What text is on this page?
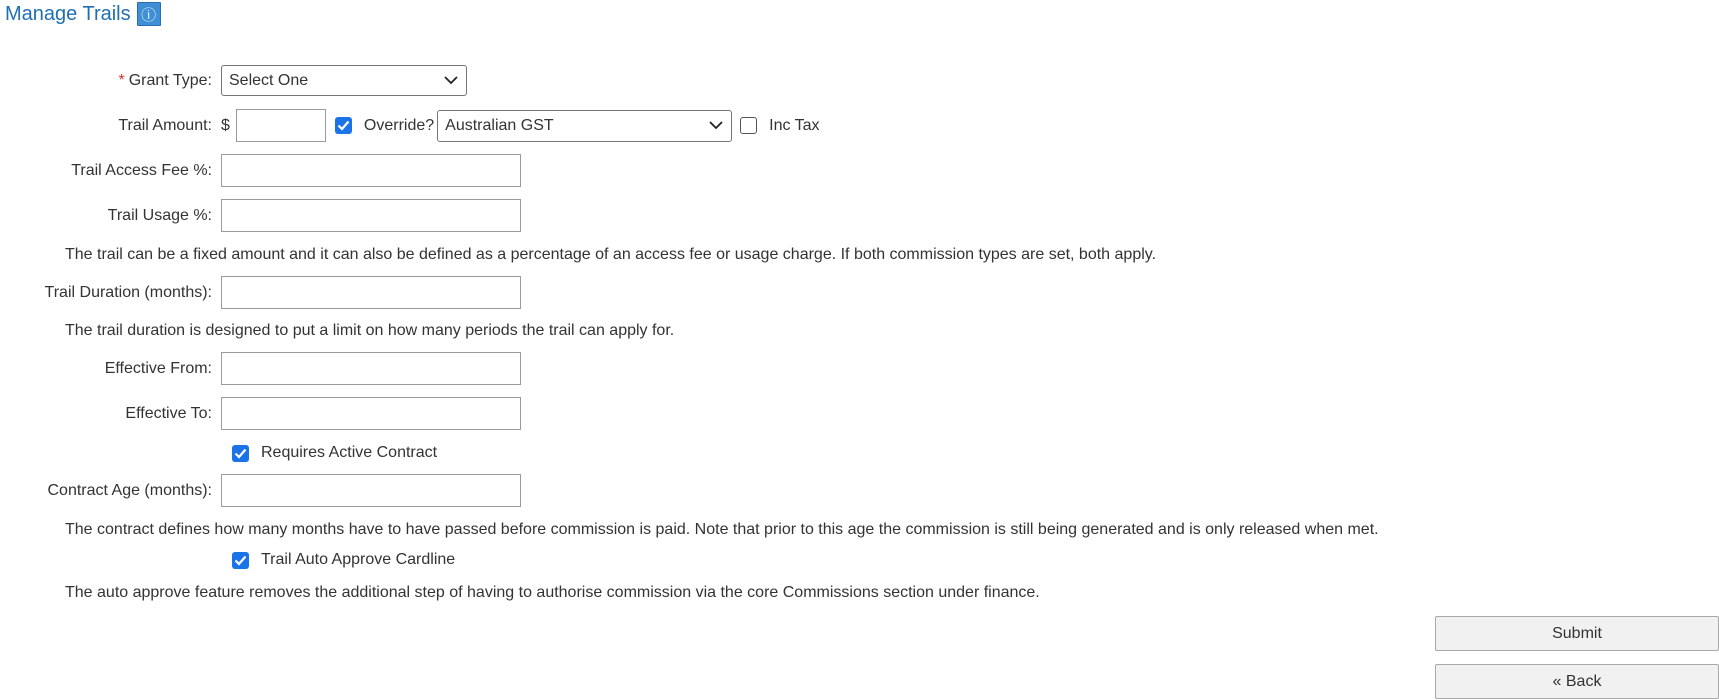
Manage Trails ⓘ
* Grant Type:	Select One
Trail Amount: $	Override? Australian GST	Inc Tax
Trail Access Fee %:
Trail Usage %:
The trail can be a fixed amount and it can also be defined as a percentage of an access fee or usage charge. If both commission types are set, both apply.
Trail Duration (months):
The trail duration is designed to put a limit on how many periods the trail can apply for.
Effective From:
Effective To:
Requires Active Contract
Contract Age (months):
The contract defines how many months have to have passed before commission is paid. Note that prior to this age the commission is still being generated and is only released when met.
Trail Auto Approve Cardline
The auto approve feature removes the additional step of having to authorise commission via the core Commissions section under finance.
Submit
« Back
